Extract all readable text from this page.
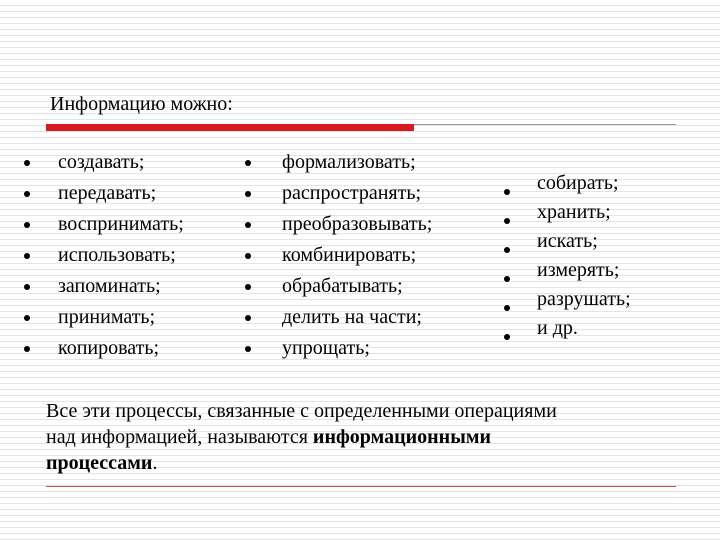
Информацию можно:
создавать;
передавать;
воспринимать;
использовать;
запоминать;
принимать;
копировать;
формализовать;
распространять;
преобразовывать;
комбинировать;
обрабатывать;
делить на части;
упрощать;
собирать;
хранить;
искать;
измерять;
разрушать;
и др.
Все эти процессы, связанные с определенными операциями
над информацией, называются информационными
процессами.
